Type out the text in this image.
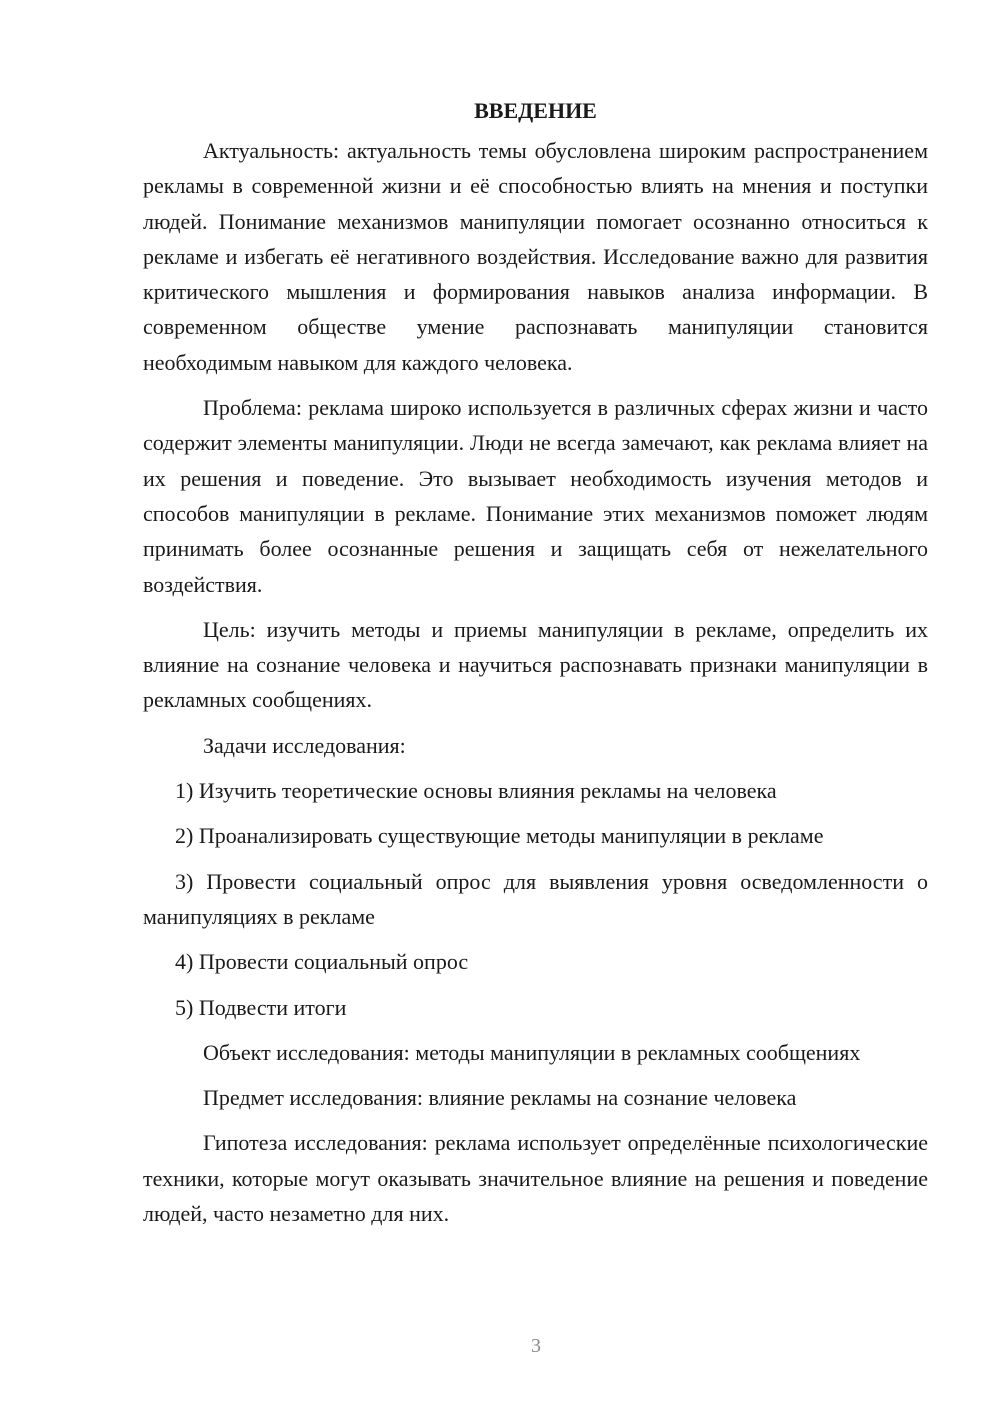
ВВЕДЕНИЕ

Актуальность: актуальность темы обусловлена широким распространением рекламы в современной жизни и её способностью влиять на мнения и поступки людей. Понимание механизмов манипуляции помогает осознанно относиться к рекламе и избегать её негативного воздействия. Исследование важно для развития критического мышления и формирования навыков анализа информации. В современном обществе умение распознавать манипуляции становится необходимым навыком для каждого человека.

Проблема: реклама широко используется в различных сферах жизни и часто содержит элементы манипуляции. Люди не всегда замечают, как реклама влияет на их решения и поведение. Это вызывает необходимость изучения методов и способов манипуляции в рекламе. Понимание этих механизмов поможет людям принимать более осознанные решения и защищать себя от нежелательного воздействия.

Цель: изучить методы и приемы манипуляции в рекламе, определить их влияние на сознание человека и научиться распознавать признаки манипуляции в рекламных сообщениях.

Задачи исследования:

1) Изучить теоретические основы влияния рекламы на человека

2) Проанализировать существующие методы манипуляции в рекламе

3) Провести социальный опрос для выявления уровня осведомленности о манипуляциях в рекламе

4) Провести социальный опрос

5) Подвести итоги

Объект исследования: методы манипуляции в рекламных сообщениях

Предмет исследования: влияние рекламы на сознание человека

Гипотеза исследования: реклама использует определённые психологические техники, которые могут оказывать значительное влияние на решения и поведение людей, часто незаметно для них.

3
